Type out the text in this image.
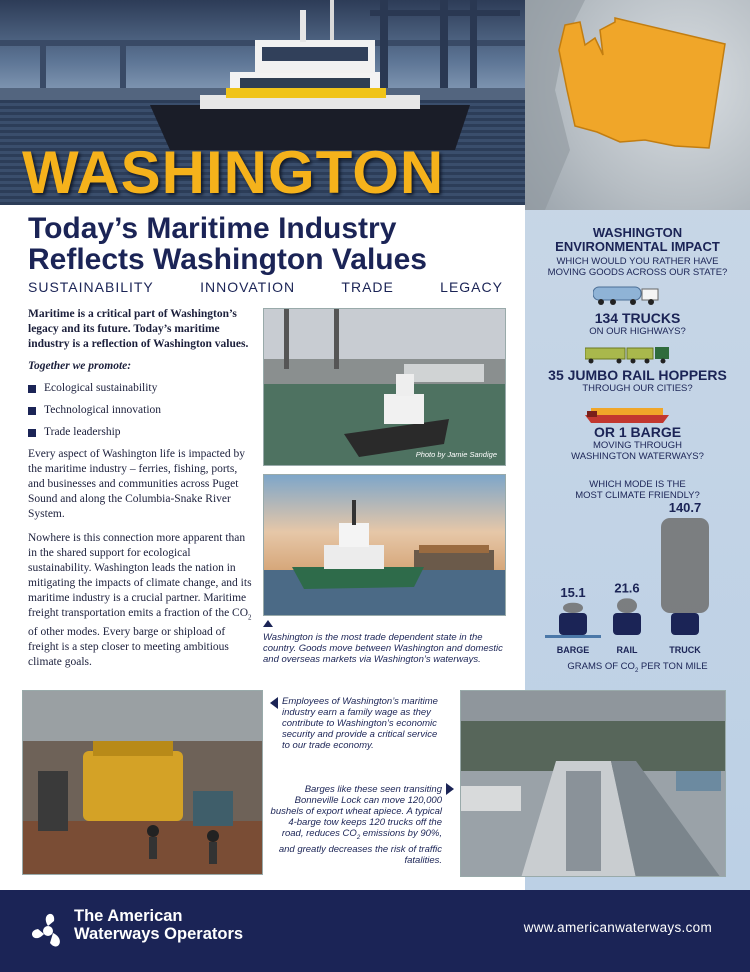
WASHINGTON
WASHINGTON
ENVIRONMENTAL IMPACT
WHICH WOULD YOU RATHER HAVE
MOVING GOODS ACROSS OUR STATE?
134 TRUCKS
ON OUR HIGHWAYS?
35 JUMBO RAIL HOPPERS
THROUGH OUR CITIES?
OR 1 BARGE
MOVING THROUGH
WASHINGTON WATERWAYS?
WHICH MODE IS THE
MOST CLIMATE FRIENDLY?
15.1
BARGE
21.6
RAIL
140.7
TRUCK
GRAMS OF $CO_2$ PER TON MILE
Today’s Maritime Industry
Reflects Washington Values
SUSTAINABILITY	INNOVATION	TRADE	LEGACY

Maritime is a critical part of Washington’s legacy and its future. Today’s maritime industry is a reflection of Washington values.

Together we promote:

Ecological sustainability
Technological innovation
Trade leadership

Every aspect of Washington life is impacted by the maritime industry – ferries, fishing, ports, and businesses and communities across Puget Sound and along the Columbia-Snake River System.

Nowhere is this connection more apparent than in the shared support for ecological sustainability. Washington leads the nation in mitigating the impacts of climate change, and its maritime industry is a crucial partner. Maritime freight transportation emits a fraction of the $CO_2$ of other modes. Every barge or shipload of freight is a step closer to meeting ambitious climate goals.

Photo by Jamie Sandige
Washington is the most trade dependent state in the country. Goods move between Washington and domestic and overseas markets via Washington’s waterways.
Employees of Washington’s maritime industry earn a family wage as they contribute to Washington’s economic security and provide a critical service to our trade economy.
Barges like these seen transiting Bonneville Lock can move 120,000 bushels of export wheat apiece. A typical 4-barge tow keeps 120 trucks off the road, reduces $CO_2$ emissions by 90%, and greatly decreases the risk of traffic fatalities.
The American
Waterways Operators	www.americanwaterways.com
